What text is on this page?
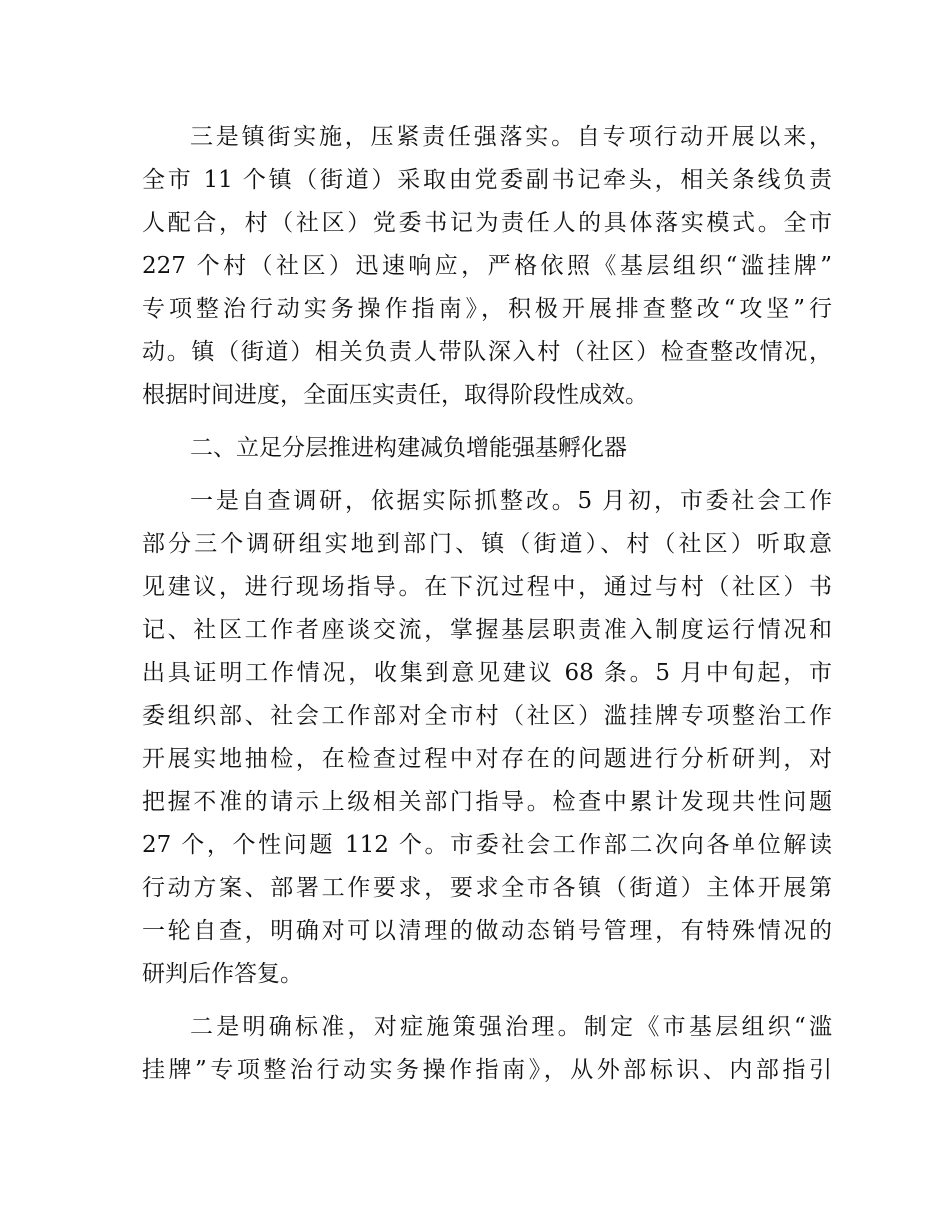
三是镇街实施，压紧责任强落实。自专项行动开展以来，
全市 11 个镇（街道）采取由党委副书记牵头，相关条线负责
人配合，村（社区）党委书记为责任人的具体落实模式。全市
227 个村（社区）迅速响应，严格依照《基层组织“滥挂牌”
专项整治行动实务操作指南》，积极开展排查整改“攻坚”行
动。镇（街道）相关负责人带队深入村（社区）检查整改情况，
根据时间进度，全面压实责任，取得阶段性成效。
二、立足分层推进构建减负增能强基孵化器
一是自查调研，依据实际抓整改。5 月初，市委社会工作
部分三个调研组实地到部门、镇（街道）、村（社区）听取意
见建议，进行现场指导。在下沉过程中，通过与村（社区）书
记、社区工作者座谈交流，掌握基层职责准入制度运行情况和
出具证明工作情况，收集到意见建议 68 条。5 月中旬起，市
委组织部、社会工作部对全市村（社区）滥挂牌专项整治工作
开展实地抽检，在检查过程中对存在的问题进行分析研判，对
把握不准的请示上级相关部门指导。检查中累计发现共性问题
27 个，个性问题 112 个。市委社会工作部二次向各单位解读
行动方案、部署工作要求，要求全市各镇（街道）主体开展第
一轮自查，明确对可以清理的做动态销号管理，有特殊情况的
研判后作答复。
二是明确标准，对症施策强治理。制定《市基层组织“滥
挂牌”专项整治行动实务操作指南》，从外部标识、内部指引
